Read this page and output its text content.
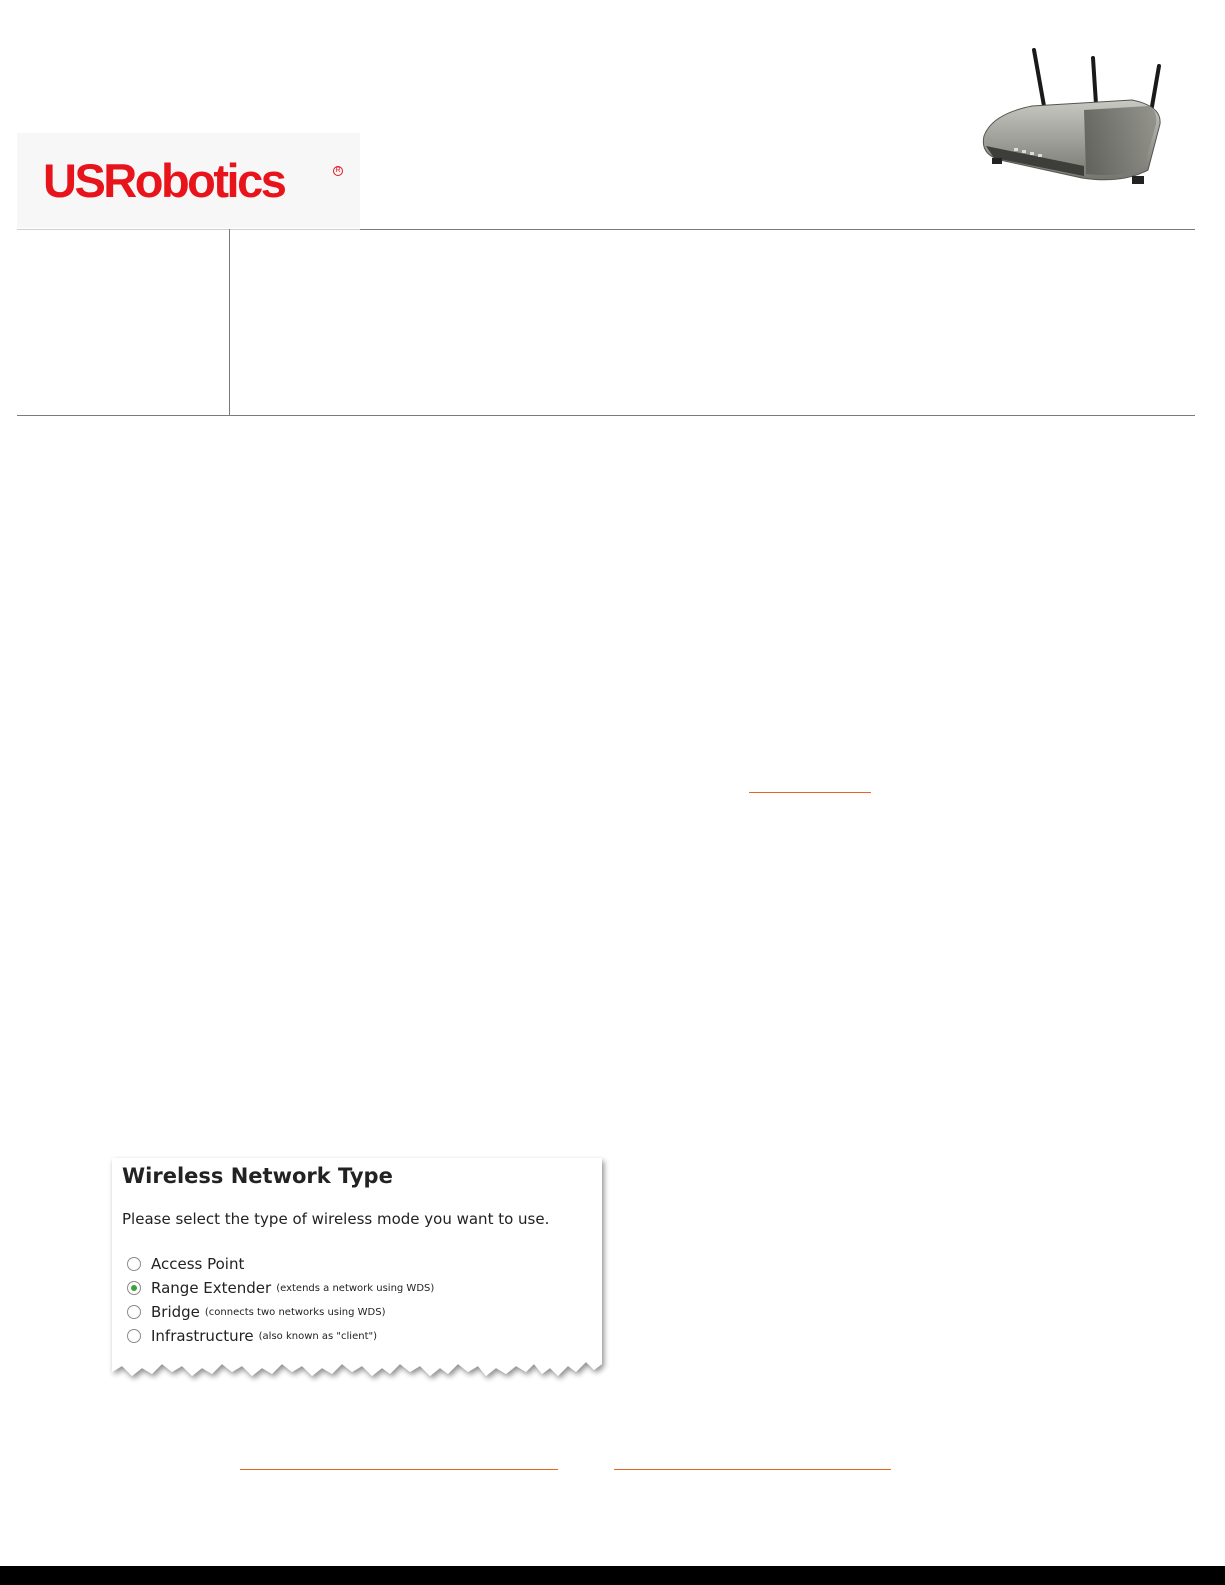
USRobotics	R
Wireless Network Type
Please select the type of wireless mode you want to use.
Access Point
Range Extender (extends a network using WDS)
Bridge (connects two networks using WDS)
Infrastructure (also known as "client")
